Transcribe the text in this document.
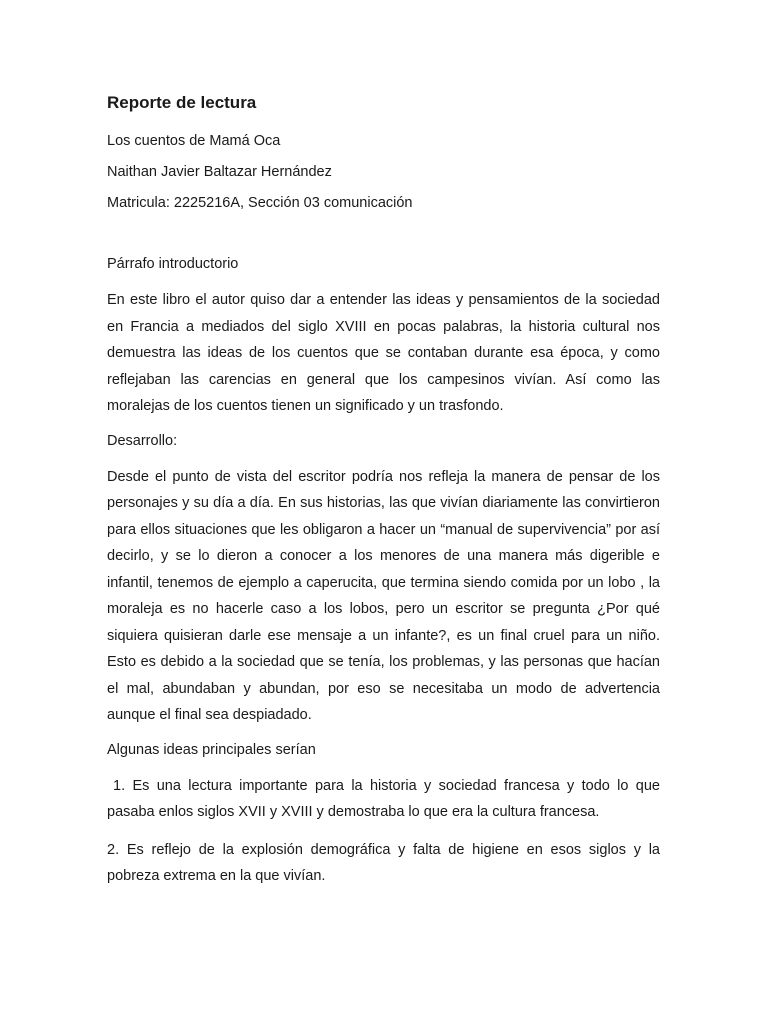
Reporte de lectura

Los cuentos de Mamá Oca

Naithan Javier Baltazar Hernández

Matricula: 2225216A, Sección 03 comunicación

Párrafo introductorio

En este libro el autor quiso dar a entender las ideas y pensamientos de la sociedad en Francia a mediados del siglo XVIII en pocas palabras, la historia cultural nos demuestra las ideas de los cuentos que se contaban durante esa época, y como reflejaban las carencias en general que los campesinos vivían. Así como las moralejas de los cuentos tienen un significado y un trasfondo.

Desarrollo:

Desde el punto de vista del escritor podría nos refleja la manera de pensar de los personajes y su día a día. En sus historias, las que vivían diariamente las convirtieron para ellos situaciones que les obligaron a hacer un “manual de supervivencia” por así decirlo, y se lo dieron a conocer a los menores de una manera más digerible e infantil, tenemos de ejemplo a caperucita, que termina siendo comida por un lobo , la moraleja es no hacerle caso a los lobos, pero un escritor se pregunta ¿Por qué siquiera quisieran darle ese mensaje a un infante?, es un final cruel para un niño. Esto es debido a la sociedad que se tenía, los problemas, y las personas que hacían el mal, abundaban y abundan, por eso se necesitaba un modo de advertencia aunque el final sea despiadado.

Algunas ideas principales serían

1. Es una lectura importante para la historia y sociedad francesa y todo lo que pasaba enlos siglos XVII y XVIII y demostraba lo que era la cultura francesa.

2. Es reflejo de la explosión demográfica y falta de higiene en esos siglos y la pobreza extrema en la que vivían.
